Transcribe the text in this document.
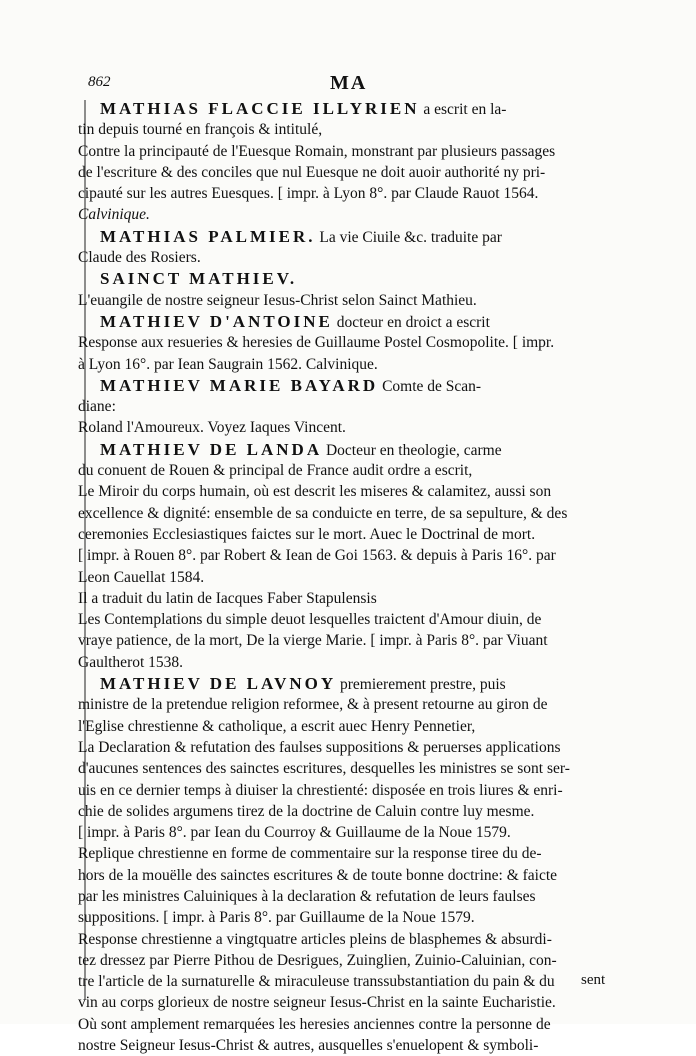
862	MA
MATHIAS FLACCIE ILLYRIEN a escrit en la-
tin depuis tourné en françois & intitulé,
Contre la principauté de l'Euesque Romain, monstrant par plusieurs passages
de l'escriture & des conciles que nul Euesque ne doit auoir authorité ny pri-
cipauté sur les autres Euesques. [ impr. à Lyon 8°. par Claude Rauot 1564.
Calvinique.
MATHIAS PALMIER. La vie Ciuile &c. traduite par
Claude des Rosiers.
SAINCT MATHIEV.
L'euangile de nostre seigneur Iesus-Christ selon Sainct Mathieu.
MATHIEV D'ANTOINE docteur en droict a escrit
Response aux resueries & heresies de Guillaume Postel Cosmopolite. [ impr.
à Lyon 16°. par Iean Saugrain 1562. Calvinique.
MATHIEV MARIE BAYARD Comte de Scan-
diane:
Roland l'Amoureux. Voyez Iaques Vincent.
MATHIEV DE LANDA Docteur en theologie, carme
du conuent de Rouen & principal de France audit ordre a escrit,
Le Miroir du corps humain, où est descrit les miseres & calamitez, aussi son
excellence & dignité: ensemble de sa conduicte en terre, de sa sepulture, & des
ceremonies Ecclesiastiques faictes sur le mort. Auec le Doctrinal de mort.
[ impr. à Rouen 8°. par Robert & Iean de Goi 1563. & depuis à Paris 16°. par
Leon Cauellat 1584.
Il a traduit du latin de Iacques Faber Stapulensis
Les Contemplations du simple deuot lesquelles traictent d'Amour diuin, de
vraye patience, de la mort, De la vierge Marie. [ impr. à Paris 8°. par Viuant
Gaultherot 1538.
MATHIEV DE LAVNOY premierement prestre, puis
ministre de la pretendue religion reformee, & à present retourne au giron de
l'Eglise chrestienne & catholique, a escrit auec Henry Pennetier,
La Declaration & refutation des faulses suppositions & peruerses applications
d'aucunes sentences des sainctes escritures, desquelles les ministres se sont ser-
uis en ce dernier temps à diuiser la chrestienté: disposée en trois liures & enri-
chie de solides argumens tirez de la doctrine de Caluin contre luy mesme.
[ impr. à Paris 8°. par Iean du Courroy & Guillaume de la Noue 1579.
Replique chrestienne en forme de commentaire sur la response tiree du de-
hors de la mouëlle des sainctes escritures & de toute bonne doctrine: & faicte
par les ministres Caluiniques à la declaration & refutation de leurs faulses
suppositions. [ impr. à Paris 8°. par Guillaume de la Noue 1579.
Response chrestienne a vingtquatre articles pleins de blasphemes & absurdi-
tez dressez par Pierre Pithou de Desrigues, Zuinglien, Zuinio-Caluinian, con-
tre l'article de la surnaturelle & miraculeuse transsubstantiation du pain & du
vin au corps glorieux de nostre seigneur Iesus-Christ en la sainte Eucharistie.
Où sont amplement remarquées les heresies anciennes contre la personne de
nostre Seigneur Iesus-Christ & autres, ausquelles s'enuelopent & symboli-
sent
